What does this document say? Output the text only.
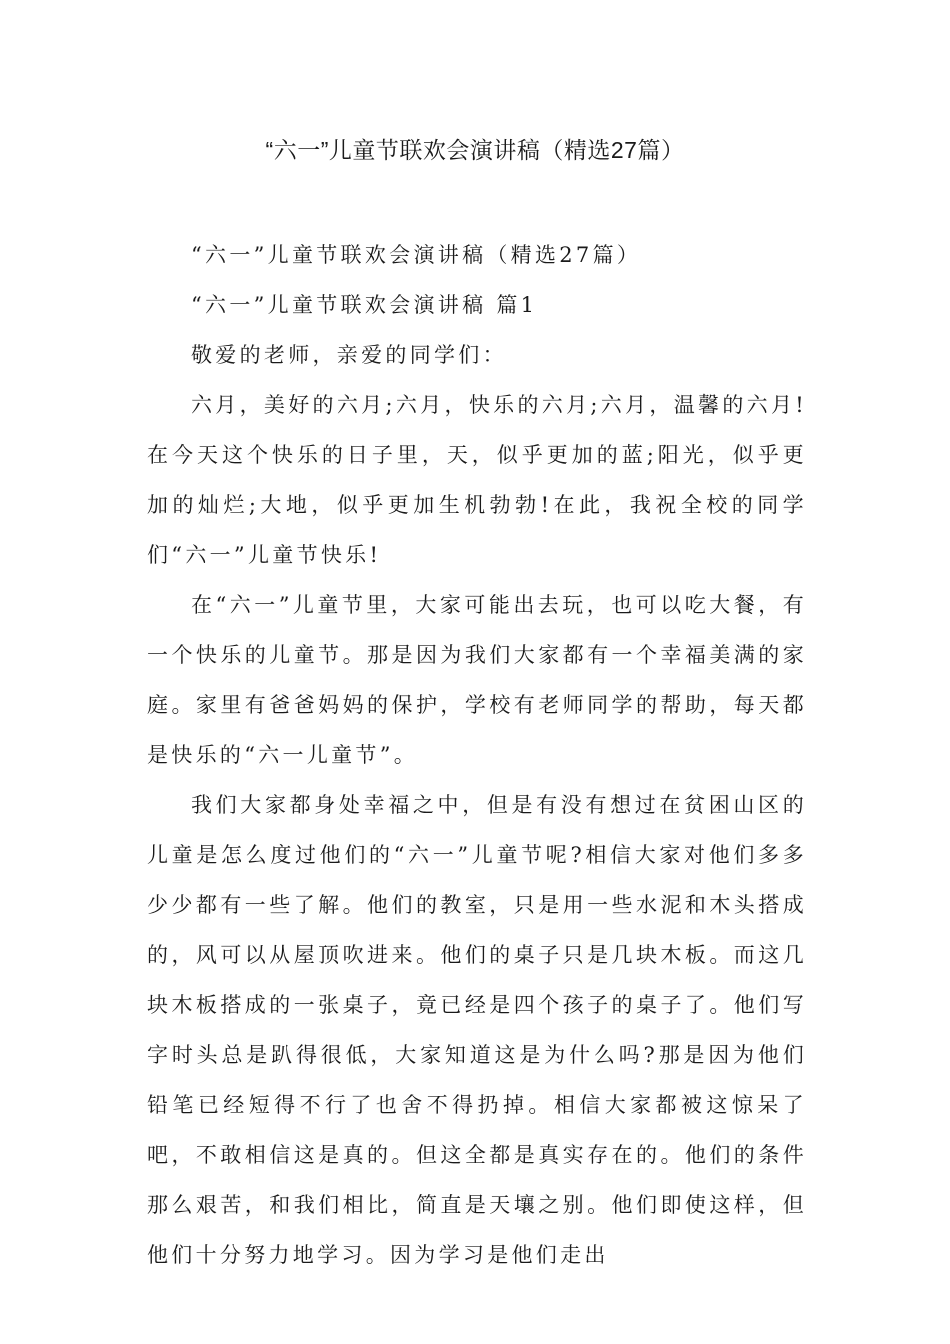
“六一”儿童节联欢会演讲稿（精选27篇）

“六一”儿童节联欢会演讲稿（精选27篇）

“六一”儿童节联欢会演讲稿 篇1

敬爱的老师，亲爱的同学们：

六月，美好的六月;六月，快乐的六月;六月，温馨的六月!在今天这个快乐的日子里，天，似乎更加的蓝;阳光，似乎更加的灿烂;大地，似乎更加生机勃勃!在此，我祝全校的同学们“六一”儿童节快乐!

在“六一”儿童节里，大家可能出去玩，也可以吃大餐，有一个快乐的儿童节。那是因为我们大家都有一个幸福美满的家庭。家里有爸爸妈妈的保护，学校有老师同学的帮助，每天都是快乐的“六一儿童节”。

我们大家都身处幸福之中，但是有没有想过在贫困山区的儿童是怎么度过他们的“六一”儿童节呢?相信大家对他们多多少少都有一些了解。他们的教室，只是用一些水泥和木头搭成的，风可以从屋顶吹进来。他们的桌子只是几块木板。而这几块木板搭成的一张桌子，竟已经是四个孩子的桌子了。他们写字时头总是趴得很低，大家知道这是为什么吗?那是因为他们铅笔已经短得不行了也舍不得扔掉。相信大家都被这惊呆了吧，不敢相信这是真的。但这全都是真实存在的。他们的条件那么艰苦，和我们相比，简直是天壤之别。他们即使这样，但他们十分努力地学习。因为学习是他们走出
